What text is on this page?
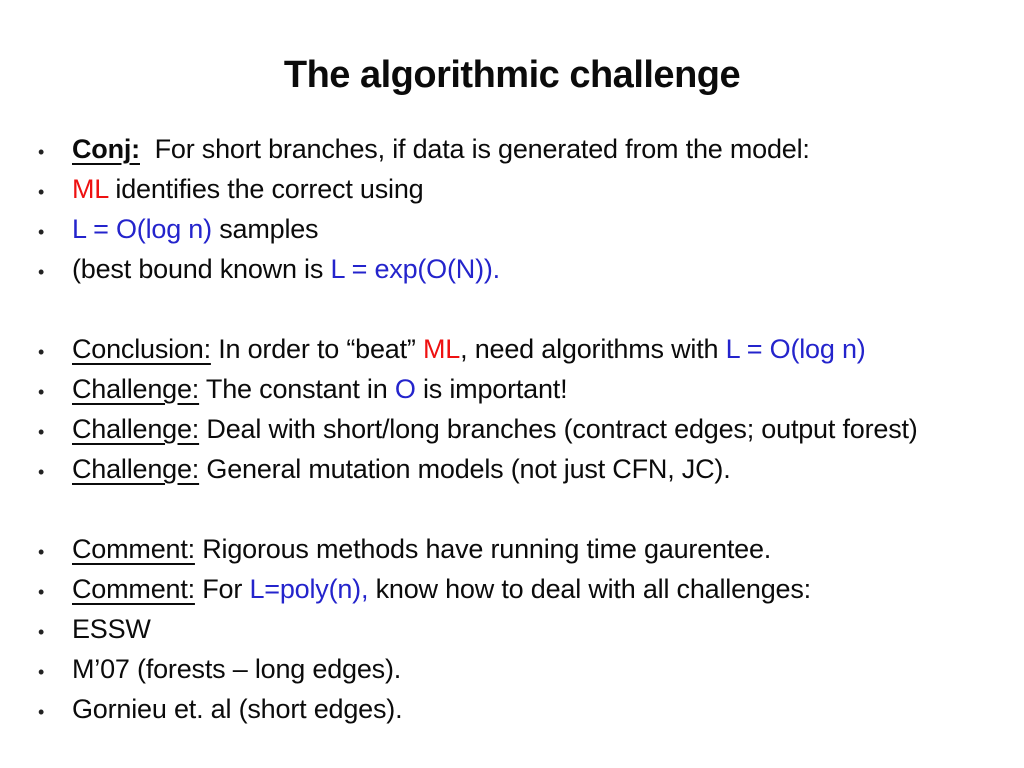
The algorithmic challenge
•	Conj:  For short branches, if data is generated from the model:
•	ML identifies the correct using
•	L = O(log n) samples
•	(best bound known is L = exp(O(N)).
•	Conclusion: In order to “beat” ML, need algorithms with L = O(log n)
•	Challenge: The constant in O is important!
•	Challenge: Deal with short/long branches (contract edges; output forest)
•	Challenge: General mutation models (not just CFN, JC).
•	Comment: Rigorous methods have running time gaurentee.
•	Comment: For L=poly(n), know how to deal with all challenges:
•	ESSW
•	M’07 (forests – long edges).
•	Gornieu et. al (short edges).
